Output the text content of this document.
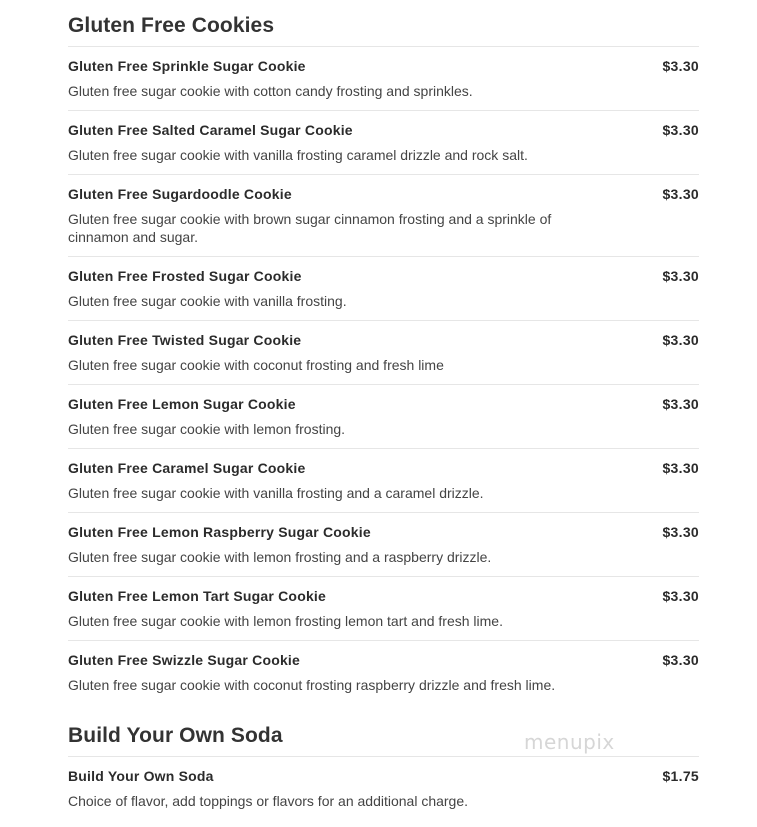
Gluten Free Cookies
Gluten Free Sprinkle Sugar Cookie	$3.30
Gluten free sugar cookie with cotton candy frosting and sprinkles.
Gluten Free Salted Caramel Sugar Cookie	$3.30
Gluten free sugar cookie with vanilla frosting caramel drizzle and rock salt.
Gluten Free Sugardoodle Cookie	$3.30
Gluten free sugar cookie with brown sugar cinnamon frosting and a sprinkle of cinnamon and sugar.
Gluten Free Frosted Sugar Cookie	$3.30
Gluten free sugar cookie with vanilla frosting.
Gluten Free Twisted Sugar Cookie	$3.30
Gluten free sugar cookie with coconut frosting and fresh lime
Gluten Free Lemon Sugar Cookie	$3.30
Gluten free sugar cookie with lemon frosting.
Gluten Free Caramel Sugar Cookie	$3.30
Gluten free sugar cookie with vanilla frosting and a caramel drizzle.
Gluten Free Lemon Raspberry Sugar Cookie	$3.30
Gluten free sugar cookie with lemon frosting and a raspberry drizzle.
Gluten Free Lemon Tart Sugar Cookie	$3.30
Gluten free sugar cookie with lemon frosting lemon tart and fresh lime.
Gluten Free Swizzle Sugar Cookie	$3.30
Gluten free sugar cookie with coconut frosting raspberry drizzle and fresh lime.
Build Your Own Soda
Build Your Own Soda	$1.75
Choice of flavor, add toppings or flavors for an additional charge.
menupix
